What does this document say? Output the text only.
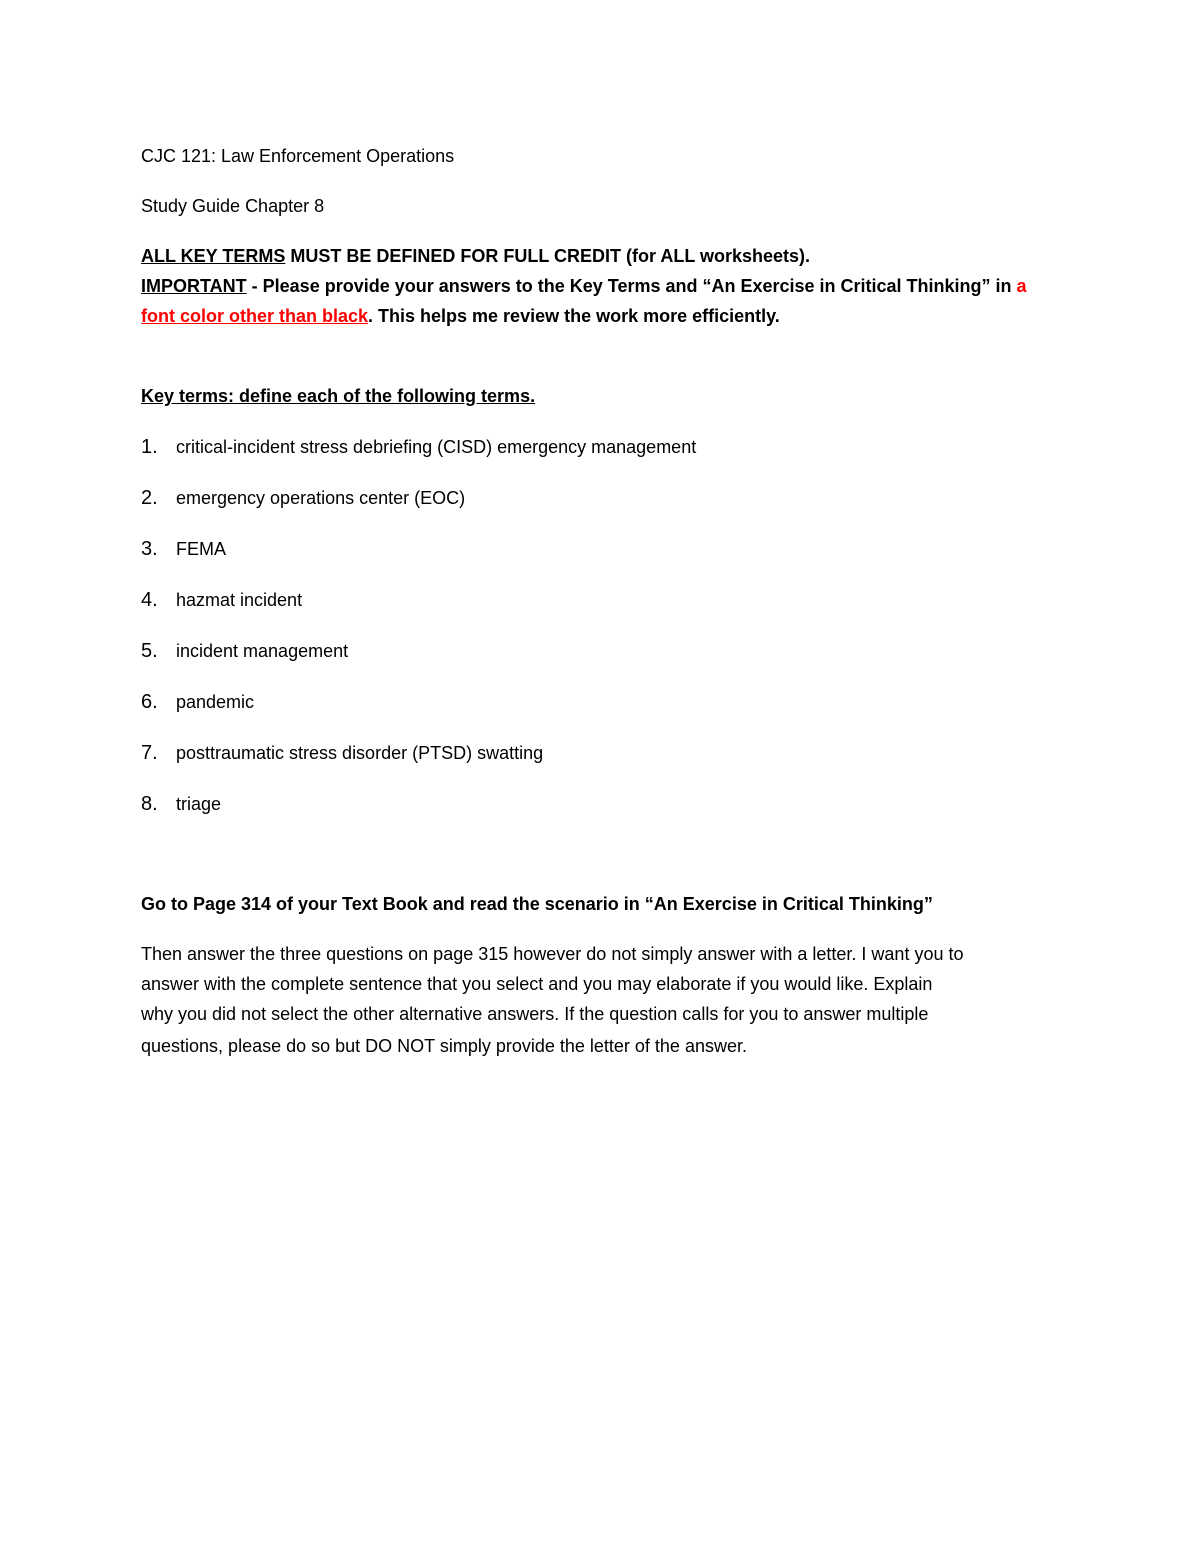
CJC 121: Law Enforcement Operations
Study Guide Chapter 8
ALL KEY TERMS MUST BE DEFINED FOR FULL CREDIT (for ALL worksheets).
IMPORTANT - Please provide your answers to the Key Terms and “An Exercise in Critical Thinking” in a
font color other than black. This helps me review the work more efficiently.
Key terms: define each of the following terms.
1. critical-incident stress debriefing (CISD) emergency management
2. emergency operations center (EOC)
3. FEMA
4. hazmat incident
5. incident management
6. pandemic
7. posttraumatic stress disorder (PTSD) swatting
8. triage
Go to Page 314 of your Text Book and read the scenario in “An Exercise in Critical Thinking”
Then answer the three questions on page 315 however do not simply answer with a letter. I want you to
answer with the complete sentence that you select and you may elaborate if you would like. Explain
why you did not select the other alternative answers. If the question calls for you to answer multiple
questions, please do so but DO NOT simply provide the letter of the answer.
